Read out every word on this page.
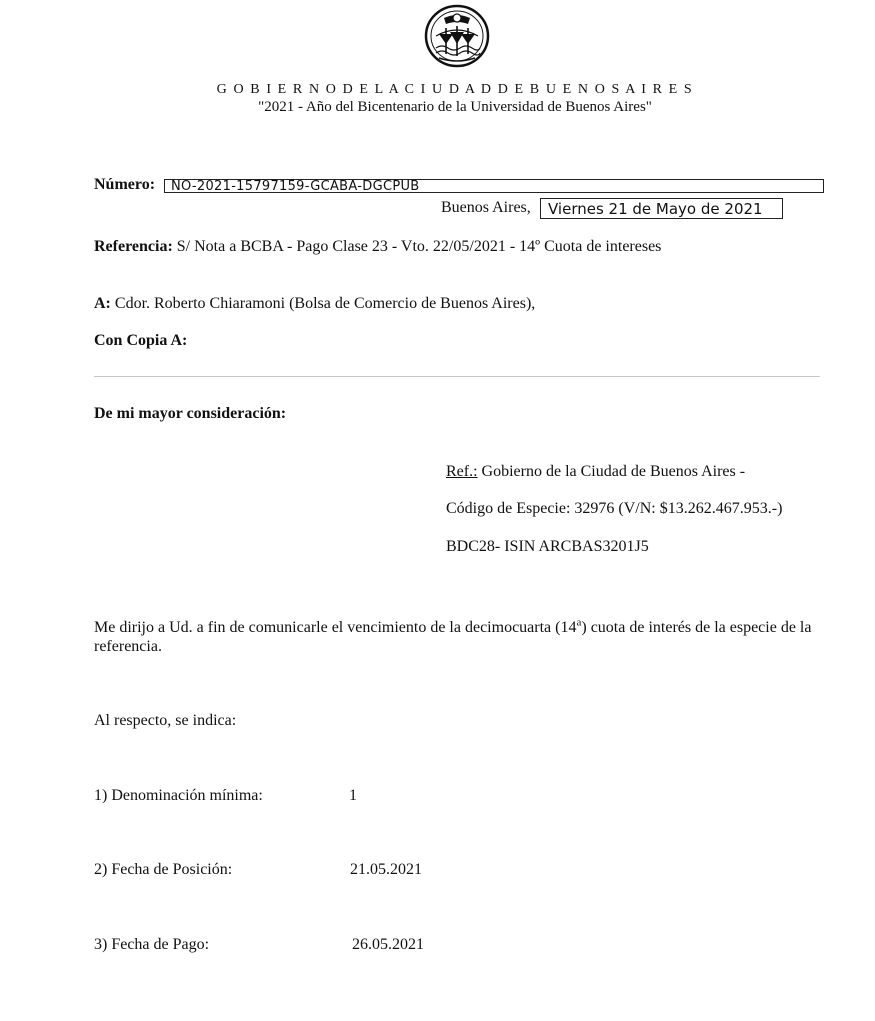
G O B I E R N O D E L A C I U D A D D E B U E N O S A I R E S
"2021 - Año del Bicentenario de la Universidad de Buenos Aires"
Número:	NO-2021-15797159-GCABA-DGCPUB
Buenos Aires,	Viernes 21 de Mayo de 2021
Referencia: S/ Nota a BCBA - Pago Clase 23 - Vto. 22/05/2021 - 14º Cuota de intereses
A: Cdor. Roberto Chiaramoni (Bolsa de Comercio de Buenos Aires),
Con Copia A:
De mi mayor consideración:
Ref.: Gobierno de la Ciudad de Buenos Aires -
Código de Especie: 32976 (V/N: $13.262.467.953.-)
BDC28- ISIN ARCBAS3201J5
Me dirijo a Ud. a fin de comunicarle el vencimiento de la decimocuarta (14$^a$) cuota de interés de la especie de la referencia.
Al respecto, se indica:
1) Denominación mínima:	1
2) Fecha de Posición:	21.05.2021
3) Fecha de Pago:	26.05.2021
